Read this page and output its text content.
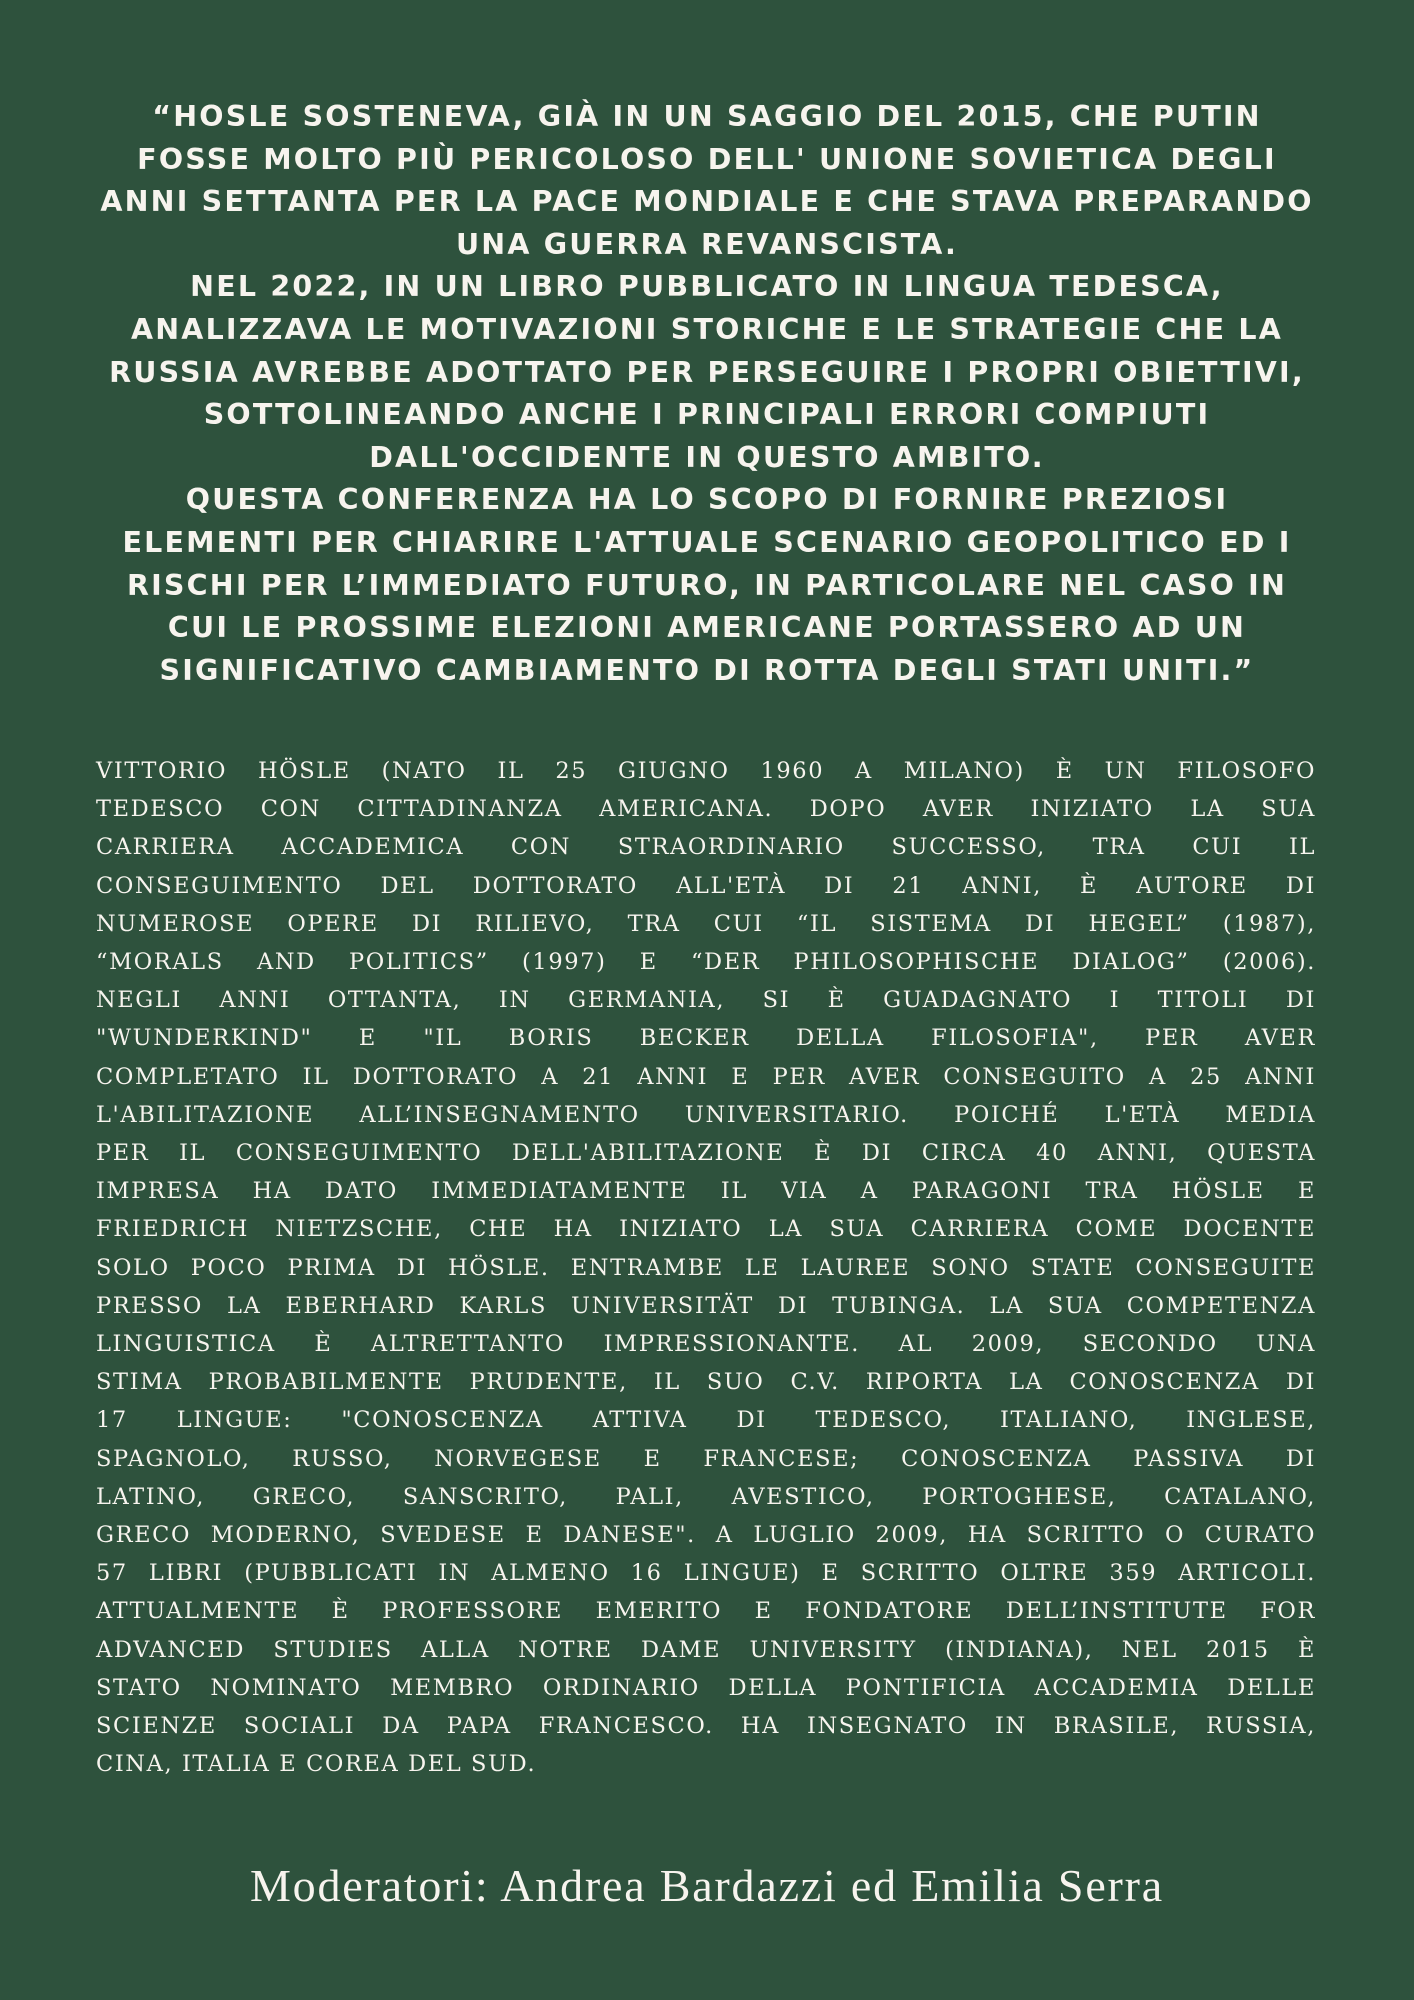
“HOSLE SOSTENEVA, GIÀ IN UN SAGGIO DEL 2015, CHE PUTIN
FOSSE MOLTO PIÙ PERICOLOSO DELL' UNIONE SOVIETICA DEGLI
ANNI SETTANTA PER LA PACE MONDIALE E CHE STAVA PREPARANDO
UNA GUERRA REVANSCISTA.
NEL 2022, IN UN LIBRO PUBBLICATO IN LINGUA TEDESCA,
ANALIZZAVA LE MOTIVAZIONI STORICHE E LE STRATEGIE CHE LA
RUSSIA AVREBBE ADOTTATO PER PERSEGUIRE I PROPRI OBIETTIVI,
SOTTOLINEANDO ANCHE I PRINCIPALI ERRORI COMPIUTI
DALL'OCCIDENTE IN QUESTO AMBITO.
QUESTA CONFERENZA HA LO SCOPO DI FORNIRE PREZIOSI
ELEMENTI PER CHIARIRE L'ATTUALE SCENARIO GEOPOLITICO ED I
RISCHI PER L’IMMEDIATO FUTURO, IN PARTICOLARE NEL CASO IN
CUI LE PROSSIME ELEZIONI AMERICANE PORTASSERO AD UN
SIGNIFICATIVO CAMBIAMENTO DI ROTTA DEGLI STATI UNITI.”
VITTORIO HÖSLE (NATO IL 25 GIUGNO 1960 A MILANO) È UN FILOSOFO
TEDESCO CON CITTADINANZA AMERICANA. DOPO AVER INIZIATO LA SUA
CARRIERA ACCADEMICA CON STRAORDINARIO SUCCESSO, TRA CUI IL
CONSEGUIMENTO DEL DOTTORATO ALL'ETÀ DI 21 ANNI, È AUTORE DI
NUMEROSE OPERE DI RILIEVO, TRA CUI “IL SISTEMA DI HEGEL” (1987),
“MORALS AND POLITICS” (1997) E “DER PHILOSOPHISCHE DIALOG” (2006).
NEGLI ANNI OTTANTA, IN GERMANIA, SI È GUADAGNATO I TITOLI DI
"WUNDERKIND" E "IL BORIS BECKER DELLA FILOSOFIA", PER AVER
COMPLETATO IL DOTTORATO A 21 ANNI E PER AVER CONSEGUITO A 25 ANNI
L'ABILITAZIONE ALL’INSEGNAMENTO UNIVERSITARIO. POICHÉ L'ETÀ MEDIA
PER IL CONSEGUIMENTO DELL'ABILITAZIONE È DI CIRCA 40 ANNI, QUESTA
IMPRESA HA DATO IMMEDIATAMENTE IL VIA A PARAGONI TRA HÖSLE E
FRIEDRICH NIETZSCHE, CHE HA INIZIATO LA SUA CARRIERA COME DOCENTE
SOLO POCO PRIMA DI HÖSLE. ENTRAMBE LE LAUREE SONO STATE CONSEGUITE
PRESSO LA EBERHARD KARLS UNIVERSITÄT DI TUBINGA. LA SUA COMPETENZA
LINGUISTICA È ALTRETTANTO IMPRESSIONANTE. AL 2009, SECONDO UNA
STIMA PROBABILMENTE PRUDENTE, IL SUO C.V. RIPORTA LA CONOSCENZA DI
17 LINGUE: "CONOSCENZA ATTIVA DI TEDESCO, ITALIANO, INGLESE,
SPAGNOLO, RUSSO, NORVEGESE E FRANCESE; CONOSCENZA PASSIVA DI
LATINO, GRECO, SANSCRITO, PALI, AVESTICO, PORTOGHESE, CATALANO,
GRECO MODERNO, SVEDESE E DANESE". A LUGLIO 2009, HA SCRITTO O CURATO
57 LIBRI (PUBBLICATI IN ALMENO 16 LINGUE) E SCRITTO OLTRE 359 ARTICOLI.
ATTUALMENTE È PROFESSORE EMERITO E FONDATORE DELL’INSTITUTE FOR
ADVANCED STUDIES ALLA NOTRE DAME UNIVERSITY (INDIANA), NEL 2015 È
STATO NOMINATO MEMBRO ORDINARIO DELLA PONTIFICIA ACCADEMIA DELLE
SCIENZE SOCIALI DA PAPA FRANCESCO. HA INSEGNATO IN BRASILE, RUSSIA,
CINA, ITALIA E COREA DEL SUD.
Moderatori: Andrea Bardazzi ed Emilia Serra
